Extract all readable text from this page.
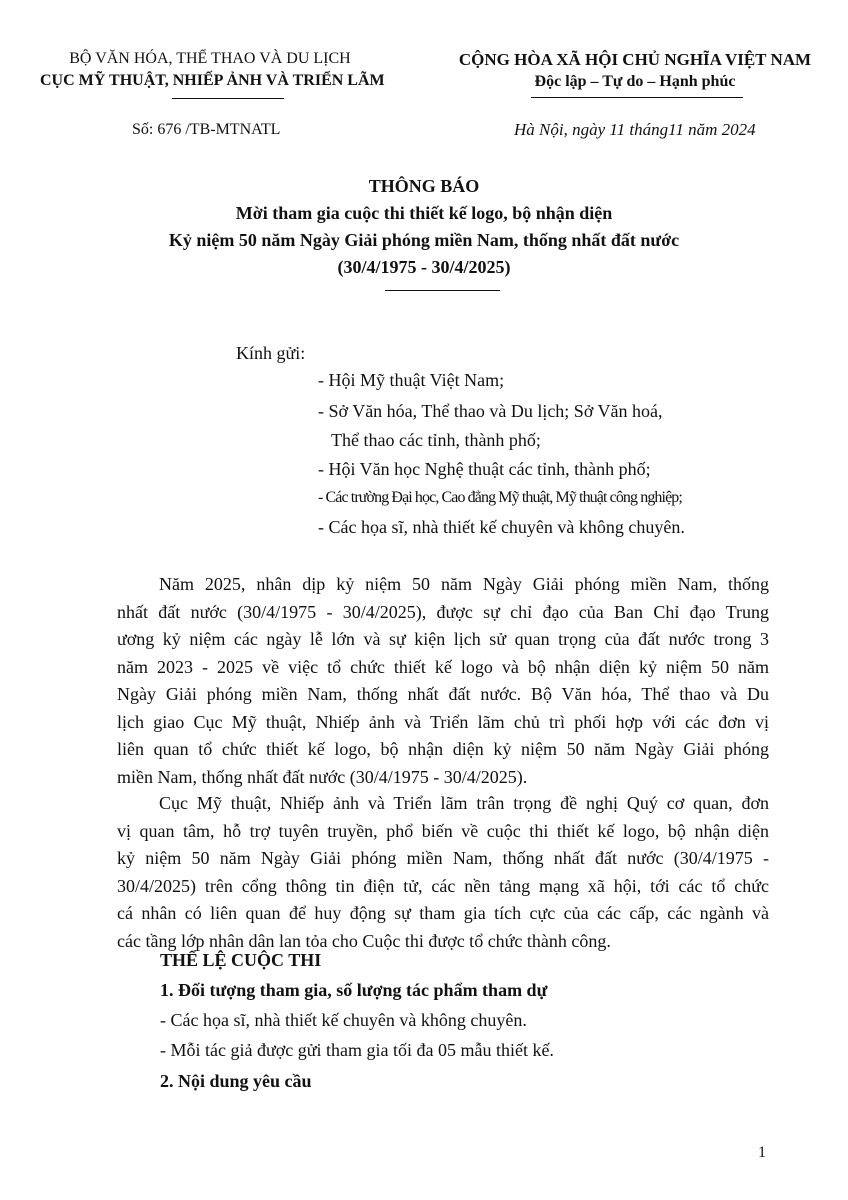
BỘ VĂN HÓA, THỂ THAO VÀ DU LỊCH
CỤC MỸ THUẬT, NHIẾP ẢNH VÀ TRIỂN LÃM
CỘNG HÒA XÃ HỘI CHỦ NGHĨA VIỆT NAM
Độc lập – Tự do – Hạnh phúc
Số: 676 /TB-MTNATL	Hà Nội, ngày 11 tháng11 năm 2024
THÔNG BÁO
Mời tham gia cuộc thi thiết kế logo, bộ nhận diện
Kỷ niệm 50 năm Ngày Giải phóng miền Nam, thống nhất đất nước
(30/4/1975 - 30/4/2025)
Kính gửi:
- Hội Mỹ thuật Việt Nam;
- Sở Văn hóa, Thể thao và Du lịch; Sở Văn hoá,
Thể thao các tỉnh, thành phố;
- Hội Văn học Nghệ thuật các tỉnh, thành phố;
- Các trường Đại học, Cao đẳng Mỹ thuật, Mỹ thuật công nghiệp;
- Các họa sĩ, nhà thiết kế chuyên và không chuyên.
Năm 2025, nhân dịp kỷ niệm 50 năm Ngày Giải phóng miền Nam, thống
nhất đất nước (30/4/1975 - 30/4/2025), được sự chỉ đạo của Ban Chỉ đạo Trung
ương kỷ niệm các ngày lễ lớn và sự kiện lịch sử quan trọng của đất nước trong 3
năm 2023 - 2025 về việc tổ chức thiết kế logo và bộ nhận diện kỷ niệm 50 năm
Ngày Giải phóng miền Nam, thống nhất đất nước. Bộ Văn hóa, Thể thao và Du
lịch giao Cục Mỹ thuật, Nhiếp ảnh và Triển lãm chủ trì phối hợp với các đơn vị
liên quan tổ chức thiết kế logo, bộ nhận diện kỷ niệm 50 năm Ngày Giải phóng
miền Nam, thống nhất đất nước (30/4/1975 - 30/4/2025).
Cục Mỹ thuật, Nhiếp ảnh và Triển lãm trân trọng đề nghị Quý cơ quan, đơn
vị quan tâm, hỗ trợ tuyên truyền, phổ biến về cuộc thi thiết kế logo, bộ nhận diện
kỷ niệm 50 năm Ngày Giải phóng miền Nam, thống nhất đất nước (30/4/1975 -
30/4/2025) trên cổng thông tin điện tử, các nền tảng mạng xã hội, tới các tổ chức
cá nhân có liên quan để huy động sự tham gia tích cực của các cấp, các ngành và
các tầng lớp nhân dân lan tỏa cho Cuộc thi được tổ chức thành công.
THỂ LỆ CUỘC THI
1. Đối tượng tham gia, số lượng tác phẩm tham dự
- Các họa sĩ, nhà thiết kế chuyên và không chuyên.
- Mỗi tác giả được gửi tham gia tối đa 05 mẫu thiết kế.
2. Nội dung yêu cầu
1
